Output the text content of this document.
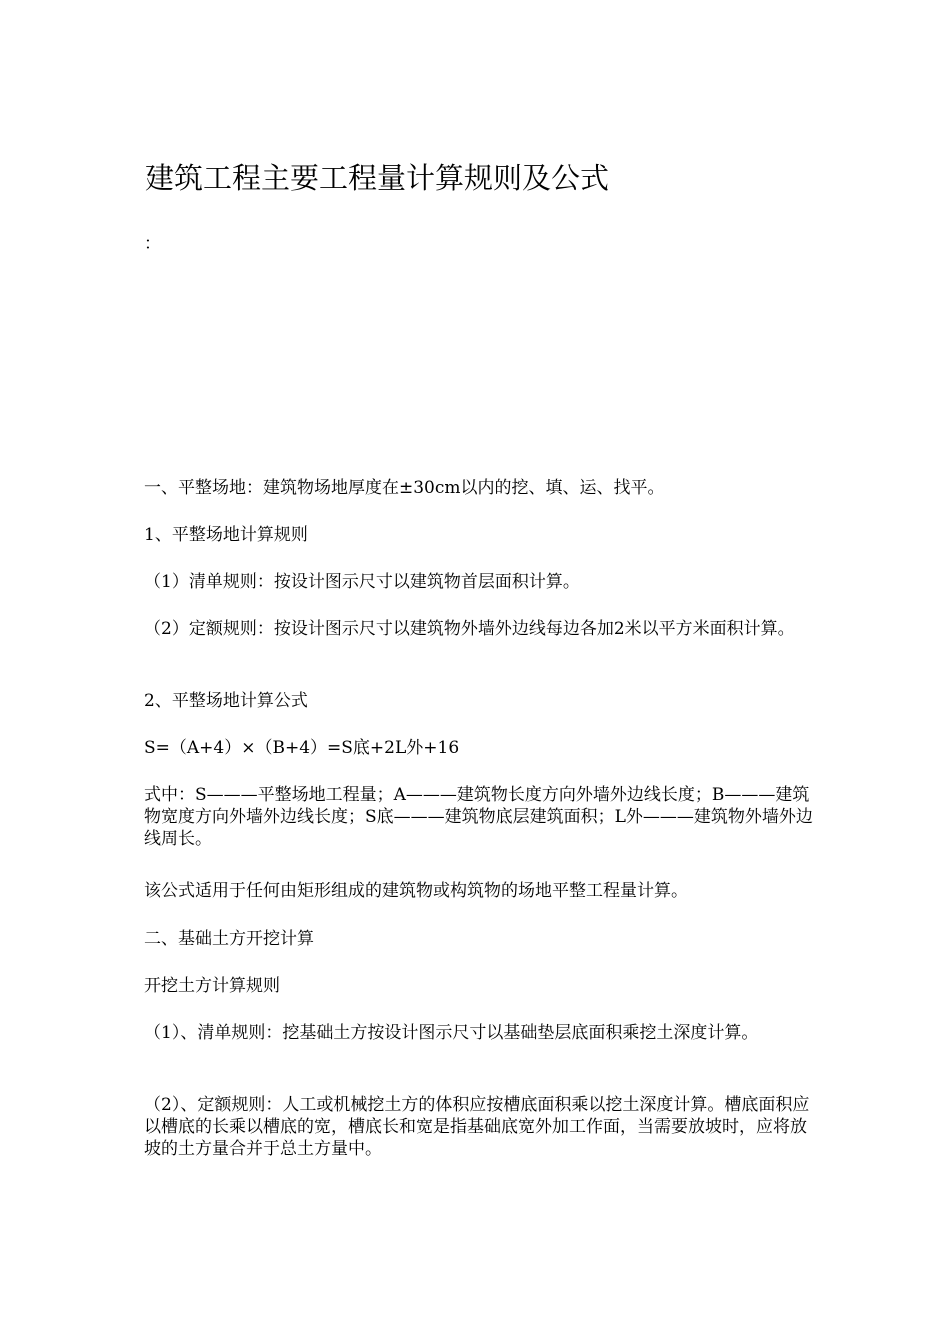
建筑工程主要工程量计算规则及公式
：

一、平整场地：建筑物场地厚度在±30cm以内的挖、填、运、找平。

1、平整场地计算规则

（1）清单规则：按设计图示尺寸以建筑物首层面积计算。

（2）定额规则：按设计图示尺寸以建筑物外墙外边线每边各加2米以平方米面积计算。

2、平整场地计算公式

S=（A+4）×（B+4）=S底+2L外+16

式中：S———平整场地工程量；A———建筑物长度方向外墙外边线长度；B———建筑物宽度方向外墙外边线长度；S底———建筑物底层建筑面积；L外———建筑物外墙外边线周长。

该公式适用于任何由矩形组成的建筑物或构筑物的场地平整工程量计算。

二、基础土方开挖计算

开挖土方计算规则

（1）、清单规则：挖基础土方按设计图示尺寸以基础垫层底面积乘挖土深度计算。

（2）、定额规则：人工或机械挖土方的体积应按槽底面积乘以挖土深度计算。槽底面积应以槽底的长乘以槽底的宽，槽底长和宽是指基础底宽外加工作面，当需要放坡时，应将放坡的土方量合并于总土方量中。
